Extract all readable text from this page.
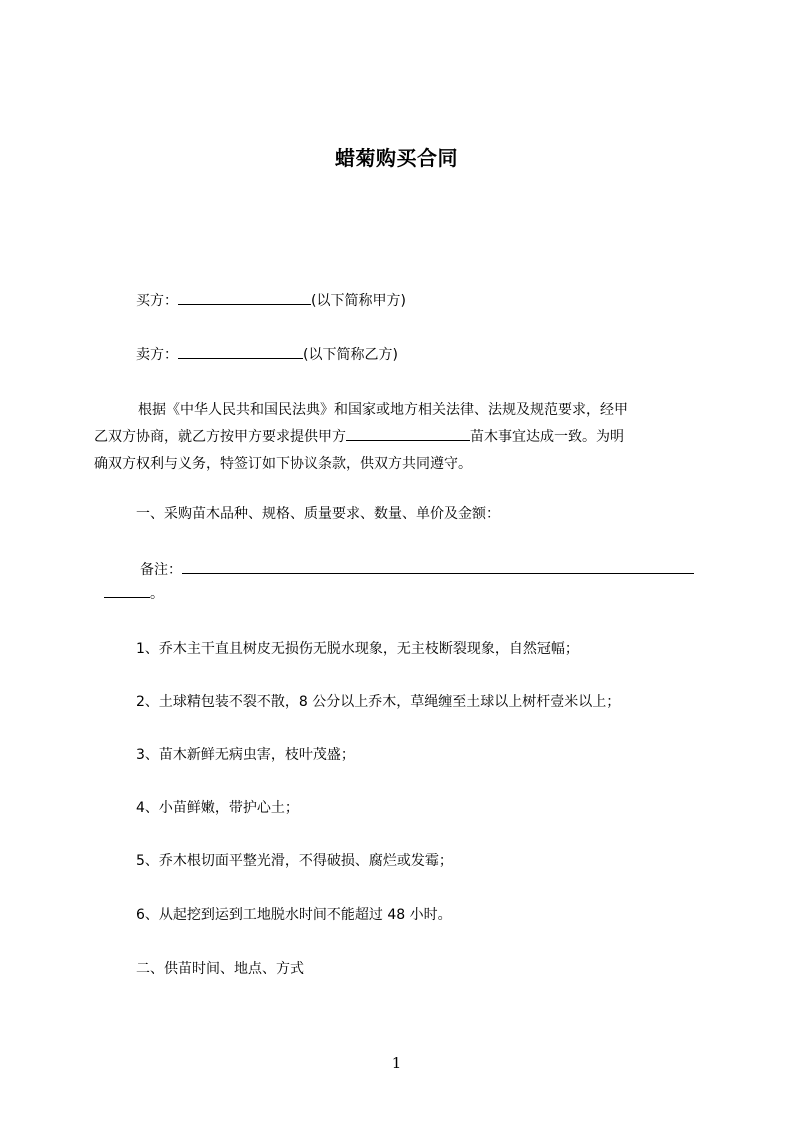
蜡菊购买合同
买方：	(以下简称甲方)
卖方：	(以下简称乙方)
根据《中华人民共和国民法典》和国家或地方相关法律、法规及规范要求，经甲
乙双方协商，就乙方按甲方要求提供甲方	苗木事宜达成一致。为明
确双方权利与义务，特签订如下协议条款，供双方共同遵守。
一、采购苗木品种、规格、质量要求、数量、单价及金额：
备注：
。
1、乔木主干直且树皮无损伤无脱水现象，无主枝断裂现象，自然冠幅；
2、土球精包装不裂不散，8 公分以上乔木，草绳缠至土球以上树杆壹米以上；
3、苗木新鲜无病虫害，枝叶茂盛；
4、小苗鲜嫩，带护心土；
5、乔木根切面平整光滑，不得破损、腐烂或发霉；
6、从起挖到运到工地脱水时间不能超过 48 小时。
二、供苗时间、地点、方式
1
